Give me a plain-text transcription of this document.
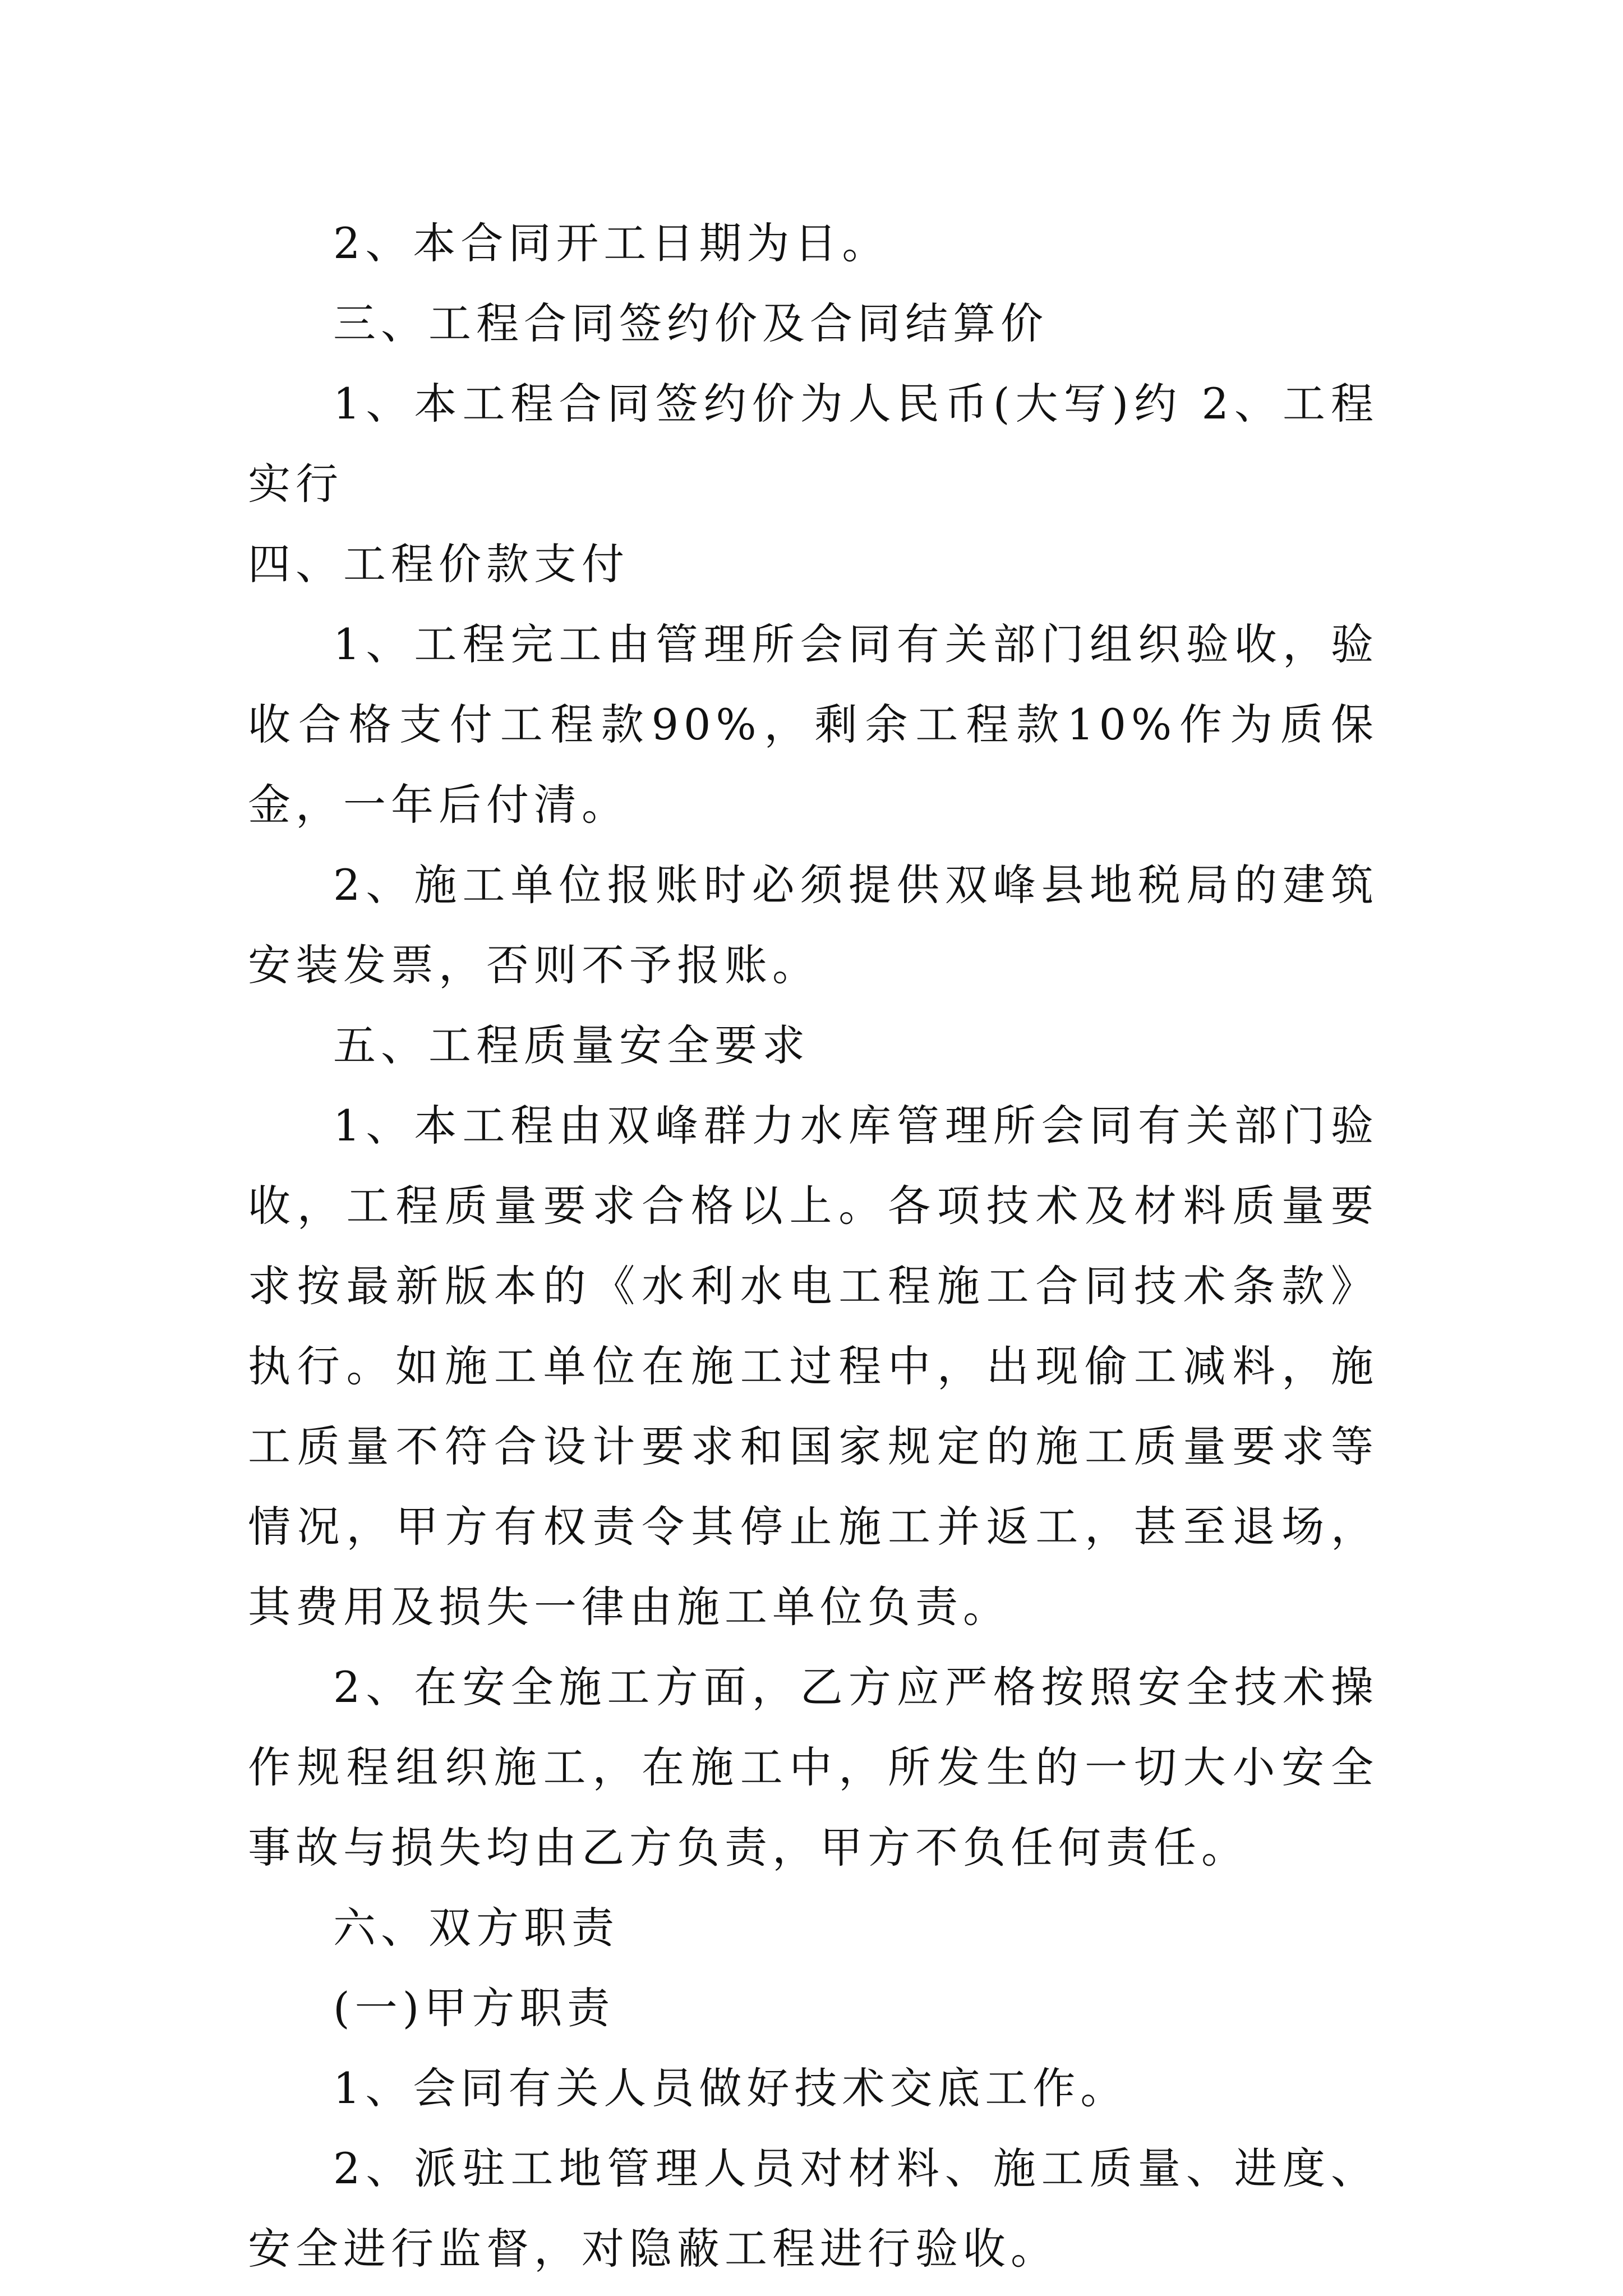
2、本合同开工日期为日。

三、工程合同签约价及合同结算价

1、本工程合同签约价为人民币(大写)约 2、工程实行

四、工程价款支付

1、工程完工由管理所会同有关部门组织验收，验收合格支付工程款90%，剩余工程款10%作为质保金，一年后付清。

2、施工单位报账时必须提供双峰县地税局的建筑安装发票，否则不予报账。

五、工程质量安全要求

1、本工程由双峰群力水库管理所会同有关部门验收，工程质量要求合格以上。各项技术及材料质量要求按最新版本的《水利水电工程施工合同技术条款》执行。如施工单位在施工过程中，出现偷工减料，施工质量不符合设计要求和国家规定的施工质量要求等情况，甲方有权责令其停止施工并返工，甚至退场，其费用及损失一律由施工单位负责。

2、在安全施工方面，乙方应严格按照安全技术操作规程组织施工，在施工中，所发生的一切大小安全事故与损失均由乙方负责，甲方不负任何责任。

六、双方职责

(一)甲方职责

1、会同有关人员做好技术交底工作。

2、派驻工地管理人员对材料、施工质量、进度、安全进行监督，对隐蔽工程进行验收。
